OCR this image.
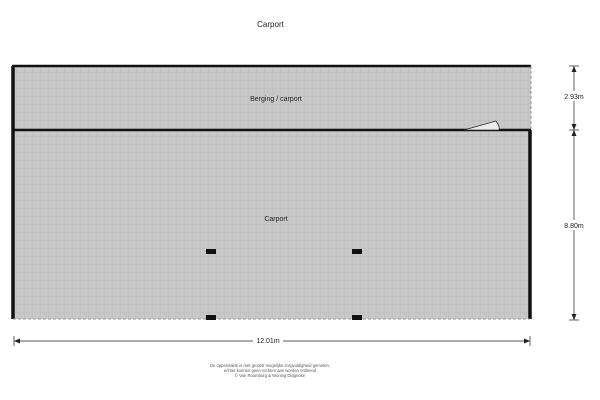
Carport
Berging / carport
Carport
2.93m
8.80m
12.01m
De oppervlakte is met grootst mogelijke zorgvuldigheid gemeten,
echter kunnen geen rechten aan worden ontleend
© Van Roomburg & Woning Diagnose
